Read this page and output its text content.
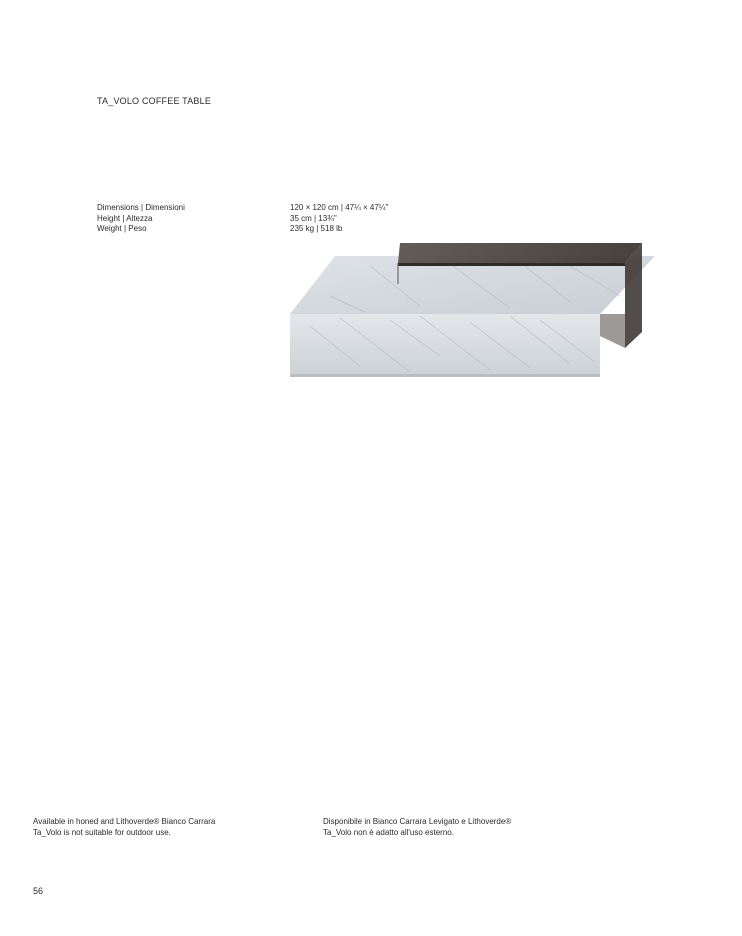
TA_VOLO COFFEE TABLE
Dimensions | Dimensioni	120 × 120 cm | 47¼ × 47¼"
Height | Altezza	35 cm | 13¾"
Weight | Peso	235 kg | 518 lb
Available in honed and Lithoverde® Bianco Carrara
Ta_Volo is not suitable for outdoor use.
Disponibile in Bianco Carrara Levigato e Lithoverde®
Ta_Volo non è adatto all'uso esterno.
56
